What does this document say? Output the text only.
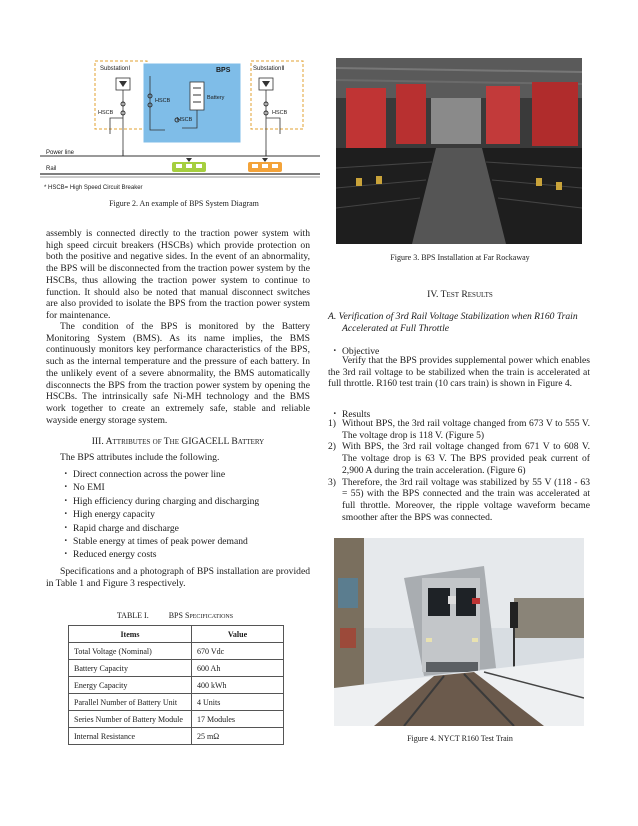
SubstationⅠ	BPS	SubstationⅡ
HSCB
HSCB
HSCB
HSCB
Battery
Power line
Rail
* HSCB= High Speed Circuit Breaker
Figure 2. An example of BPS System Diagram

assembly is connected directly to the traction power system with high speed circuit breakers (HSCBs) which provide protection on both the positive and negative sides. In the event of an abnormality, the BPS will be disconnected from the traction power system by the HSCBs, thus allowing the traction power system to continue to function. It should also be noted that manual disconnect switches are also provided to isolate the BPS from the traction power system for maintenance.

The condition of the BPS is monitored by the Battery Monitoring System (BMS). As its name implies, the BMS continuously monitors key performance characteristics of the BPS, such as the internal temperature and the pressure of each battery. In the unlikely event of a severe abnormality, the BMS automatically disconnects the BPS from the traction power system by opening the HSCBs. The intrinsically safe Ni-MH technology and the BMS work together to create an extremely safe, stable and reliable wayside energy storage system.

III. Attributes of The GIGACELL Battery
The BPS attributes include the following.
・ Direct connection across the power line
・ No EMI
・ High efficiency during charging and discharging
・ High energy capacity
・ Rapid charge and discharge
・ Stable energy at times of peak power demand
・ Reduced energy costs

Specifications and a photograph of BPS installation are provided in Table 1 and Figure 3 respectively.

TABLE I.          BPS Specifications
Items	Value
Total Voltage (Nominal)	670 Vdc
Battery Capacity	600 Ah
Energy Capacity	400 kWh
Parallel Number of Battery Unit	4 Units
Series Number of Battery Module	17 Modules
Internal Resistance	25 mΩ
Figure 3. BPS Installation at Far Rockaway
IV. Test Results
A. Verification of 3rd Rail Voltage Stabilization when R160 Train Accelerated at Full Throttle
・ Objective

Verify that the BPS provides supplemental power which enables the 3rd rail voltage to be stabilized when the train is accelerated at full throttle. R160 test train (10 cars train) is shown in Figure 4.

・ Results
1) Without BPS, the 3rd rail voltage changed from 673 V to 555 V. The voltage drop is 118 V. (Figure 5)
2) With BPS, the 3rd rail voltage changed from 671 V to 608 V. The voltage drop is 63 V. The BPS provided peak current of 2,900 A during the train acceleration. (Figure 6)
3) Therefore, the 3rd rail voltage was stabilized by 55 V (118 - 63 = 55) with the BPS connected and the train was accelerated at full throttle. Moreover, the ripple voltage waveform became smoother after the BPS was connected.
Figure 4. NYCT R160 Test Train
